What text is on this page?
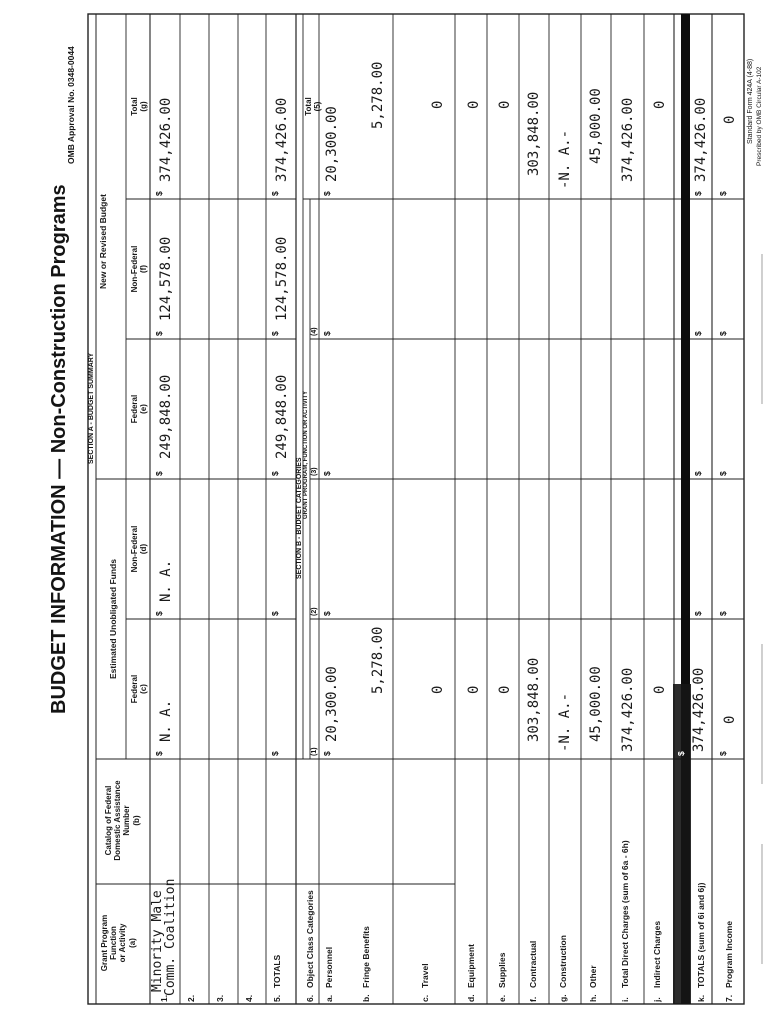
BUDGET INFORMATION — Non-Construction Programs
OMB Approval No. 0348-0044
SECTION A - BUDGET SUMMARY
Estimated Unobligated Funds
New or Revised Budget
Grant Program Function or Activity (a)
Catalog of Federal Domestic Assistance Number (b)
Federal (c)
Non-Federal (d)
Federal (e)
Non-Federal (f)
Total (g)
1.
Minority Male
Comm. Coalition
$
N. A.
$
N. A.
$
249,848.00
$
124,578.00
$
374,426.00
2. 3. 4. 5.
TOTALS
$
$
$
249,848.00
$
124,578.00
$
374,426.00
SECTION B - BUDGET CATEGORIES GRANT PROGRAM, FUNCTION OR ACTIVITY
6.
Object Class Categories
(1)
(2)
(3)
(4)
Total (5)
a.
Personnel
$
20,300.00
$
$
$
$
20,300.00
b.
Fringe Benefits
5,278.00
5,278.00
c.
Travel
0
0
d.
Equipment
0
0
e.
Supplies
0
0
f.
Contractual
303,848.00
303,848.00
g.
Construction
-N. A.-
-N. A.-
h.
Other
45,000.00
45,000.00
i.
Total Direct Charges (sum of 6a - 6h)
374,426.00
374,426.00
j.
Indirect Charges
0
0
k.
TOTALS (sum of 6i and 6j)
$
374,426.00
$
$
$
$
374,426.00
7.
Program Income
$
0
$
$
$
$
0 Standard Form 424A (4-88) Prescribed by OMB Circular A-102
